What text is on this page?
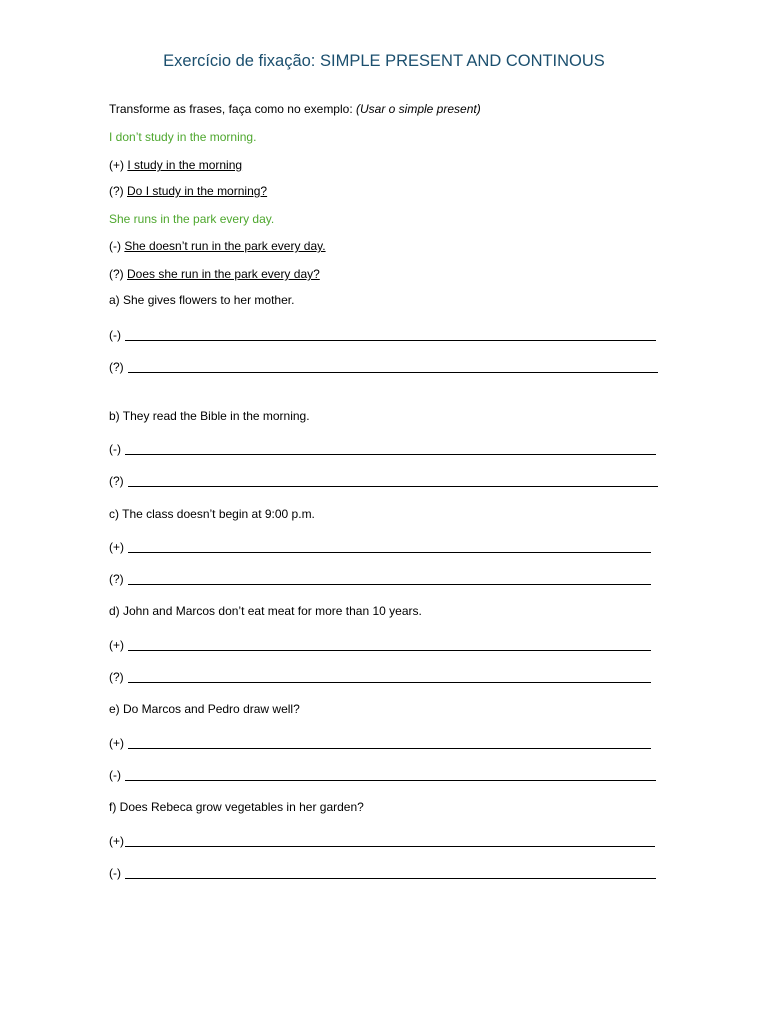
Exercício de fixação: SIMPLE PRESENT AND CONTINOUS
Transforme as frases, faça como no exemplo: (Usar o simple present)
I don’t study in the morning.
(+) I study in the morning
(?) Do I study in the morning?
She runs in the park every day.
(-) She doesn’t run in the park every day.
(?) Does she run in the park every day?
a) She gives flowers to her mother.
(-)
(?)
b) They read the Bible in the morning.
(-)
(?)
c) The class doesn’t begin at 9:00 p.m.
(+)
(?)
d) John and Marcos don’t eat meat for more than 10 years.
(+)
(?)
e) Do Marcos and Pedro draw well?
(+)
(-)
f) Does Rebeca grow vegetables in her garden?
(+)
(-)
